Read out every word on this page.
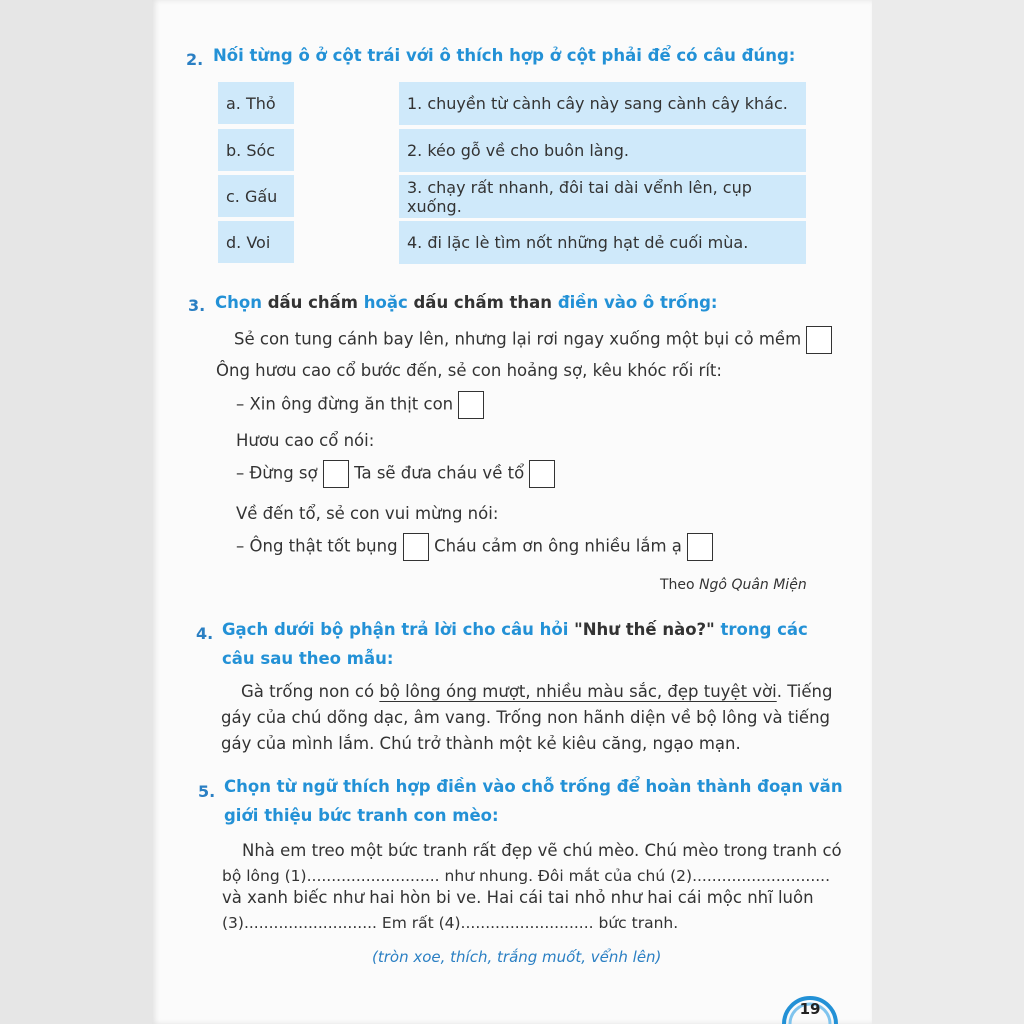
2. Nối từng ô ở cột trái với ô thích hợp ở cột phải để có câu đúng:
a. Thỏ
b. Sóc
c. Gấu
d. Voi
1. chuyền từ cành cây này sang cành cây khác.
2. kéo gỗ về cho buôn làng.
3. chạy rất nhanh, đôi tai dài vểnh lên, cụp xuống.
4. đi lặc lè tìm nốt những hạt dẻ cuối mùa.
3. Chọn dấu chấm hoặc dấu chấm than điền vào ô trống:
Sẻ con tung cánh bay lên, nhưng lại rơi ngay xuống một bụi cỏ mềm
Ông hươu cao cổ bước đến, sẻ con hoảng sợ, kêu khóc rối rít:
– Xin ông đừng ăn thịt con
Hươu cao cổ nói:
– Đừng sợ Ta sẽ đưa cháu về tổ
Về đến tổ, sẻ con vui mừng nói:
– Ông thật tốt bụng Cháu cảm ơn ông nhiều lắm ạ
Theo Ngô Quân Miện
4. Gạch dưới bộ phận trả lời cho câu hỏi "Như thế nào?" trong các
câu sau theo mẫu:
Gà trống non có bộ lông óng mượt, nhiều màu sắc, đẹp tuyệt vời. Tiếng
gáy của chú dõng dạc, âm vang. Trống non hãnh diện về bộ lông và tiếng
gáy của mình lắm. Chú trở thành một kẻ kiêu căng, ngạo mạn.
5. Chọn từ ngữ thích hợp điền vào chỗ trống để hoàn thành đoạn văn
giới thiệu bức tranh con mèo:
Nhà em treo một bức tranh rất đẹp vẽ chú mèo. Chú mèo trong tranh có
bộ lông (1)........................... như nhung. Đôi mắt của chú (2)............................
và xanh biếc như hai hòn bi ve. Hai cái tai nhỏ như hai cái mộc nhĩ luôn
(3)........................... Em rất (4)........................... bức tranh.
(tròn xoe, thích, trắng muốt, vểnh lên)
19
